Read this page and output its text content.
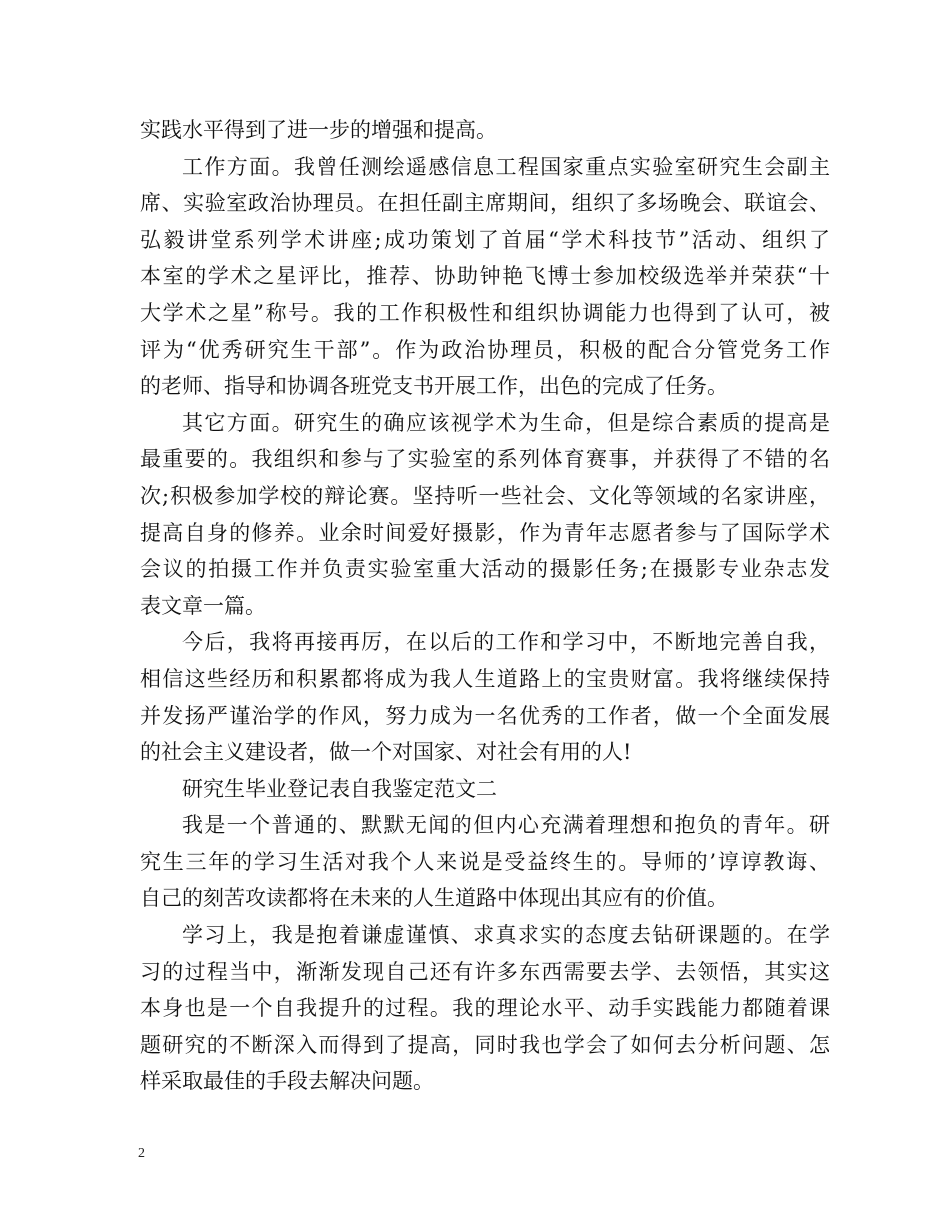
实践水平得到了进一步的增强和提高。
工作方面。我曾任测绘遥感信息工程国家重点实验室研究生会副主
席、实验室政治协理员。在担任副主席期间，组织了多场晚会、联谊会、
弘毅讲堂系列学术讲座;成功策划了首届“学术科技节”活动、组织了
本室的学术之星评比，推荐、协助钟艳飞博士参加校级选举并荣获“十
大学术之星”称号。我的工作积极性和组织协调能力也得到了认可，被
评为“优秀研究生干部”。作为政治协理员，积极的配合分管党务工作
的老师、指导和协调各班党支书开展工作，出色的完成了任务。
其它方面。研究生的确应该视学术为生命，但是综合素质的提高是
最重要的。我组织和参与了实验室的系列体育赛事，并获得了不错的名
次;积极参加学校的辩论赛。坚持听一些社会、文化等领域的名家讲座，
提高自身的修养。业余时间爱好摄影，作为青年志愿者参与了国际学术
会议的拍摄工作并负责实验室重大活动的摄影任务;在摄影专业杂志发
表文章一篇。
今后，我将再接再厉，在以后的工作和学习中，不断地完善自我，
相信这些经历和积累都将成为我人生道路上的宝贵财富。我将继续保持
并发扬严谨治学的作风，努力成为一名优秀的工作者，做一个全面发展
的社会主义建设者，做一个对国家、对社会有用的人!
研究生毕业登记表自我鉴定范文二
我是一个普通的、默默无闻的但内心充满着理想和抱负的青年。研
究生三年的学习生活对我个人来说是受益终生的。导师的’谆谆教诲、
自己的刻苦攻读都将在未来的人生道路中体现出其应有的价值。
学习上，我是抱着谦虚谨慎、求真求实的态度去钻研课题的。在学
习的过程当中，渐渐发现自己还有许多东西需要去学、去领悟，其实这
本身也是一个自我提升的过程。我的理论水平、动手实践能力都随着课
题研究的不断深入而得到了提高，同时我也学会了如何去分析问题、怎
样采取最佳的手段去解决问题。
2
